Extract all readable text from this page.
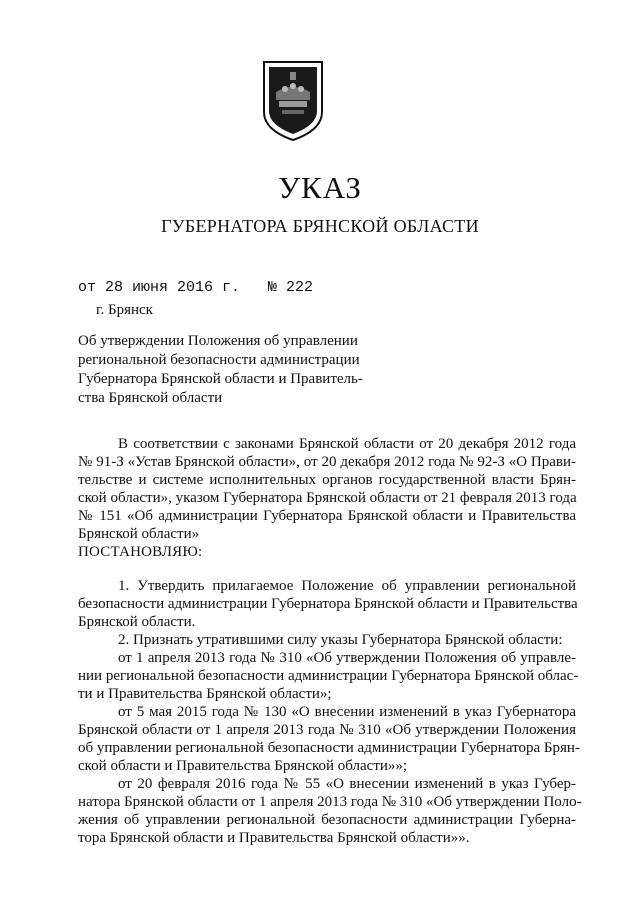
УКАЗ
ГУБЕРНАТОРА БРЯНСКОЙ ОБЛАСТИ
от 28 июня 2016 г. № 222
г. Брянск
Об утверждении Положения об управлении
региональной безопасности администрации
Губернатора Брянской области и Правитель-
ства Брянской области
В соответствии с законами Брянской области от 20 декабря 2012 года
№ 91-З «Устав Брянской области», от 20 декабря 2012 года № 92-З «О Прави-
тельстве и системе исполнительных органов государственной власти Брян-
ской области», указом Губернатора Брянской области от 21 февраля 2013 года
№ 151 «Об администрации Губернатора Брянской области и Правительства
Брянской области»
ПОСТАНОВЛЯЮ:
1. Утвердить прилагаемое Положение об управлении региональной
безопасности администрации Губернатора Брянской области и Правительства
Брянской области.
2. Признать утратившими силу указы Губернатора Брянской области:
от 1 апреля 2013 года № 310 «Об утверждении Положения об управле-
нии региональной безопасности администрации Губернатора Брянской облас-
ти и Правительства Брянской области»;
от 5 мая 2015 года № 130 «О внесении изменений в указ Губернатора
Брянской области от 1 апреля 2013 года № 310 «Об утверждении Положения
об управлении региональной безопасности администрации Губернатора Брян-
ской области и Правительства Брянской области»»;
от 20 февраля 2016 года № 55 «О внесении изменений в указ Губер-
натора Брянской области от 1 апреля 2013 года № 310 «Об утверждении Поло-
жения об управлении региональной безопасности администрации Губерна-
тора Брянской области и Правительства Брянской области»».
